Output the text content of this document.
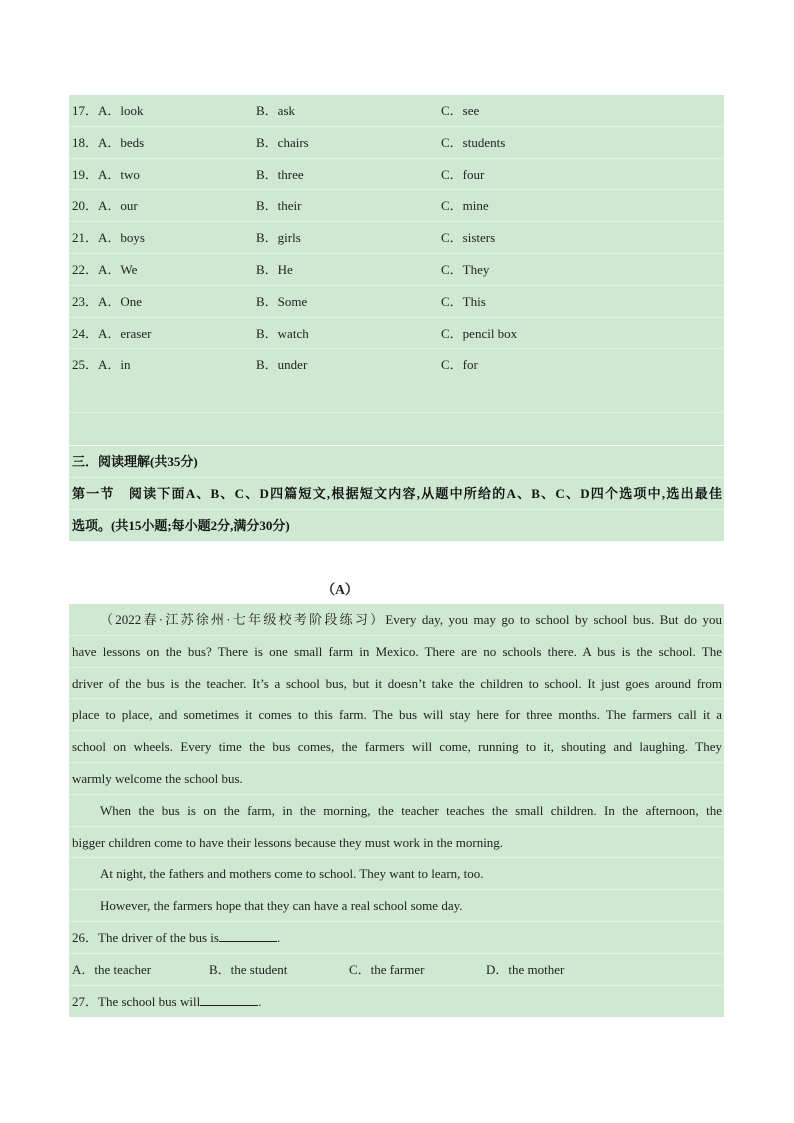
17．A．look	B．ask	C．see
18．A．beds	B．chairs	C．students
19．A．two	B．three	C．four
20．A．our	B．their	C．mine
21．A．boys	B．girls	C．sisters
22．A．We	B．He	C．They
23．A．One	B．Some	C．This
24．A．eraser	B．watch	C．pencil box
25．A．in	B．under	C．for
三．阅读理解(共35分)
第一节　阅读下面A、B、C、D四篇短文,根据短文内容,从题中所给的A、B、C、D四个选项中,选出最佳
选项。(共15小题;每小题2分,满分30分)
（A）
（2022春·江苏徐州·七年级校考阶段练习）Every day, you may go to school by school bus. But do you
have lessons on the bus? There is one small farm in Mexico. There are no schools there. A bus is the school. The
driver of the bus is the teacher. It’s a school bus, but it doesn’t take the children to school. It just goes around from
place to place, and sometimes it comes to this farm. The bus will stay here for three months. The farmers call it a
school on wheels. Every time the bus comes, the farmers will come, running to it, shouting and laughing. They
warmly welcome the school bus.
When the bus is on the farm, in the morning, the teacher teaches the small children. In the afternoon, the
bigger children come to have their lessons because they must work in the morning.
At night, the fathers and mothers come to school. They want to learn, too.
However, the farmers hope that they can have a real school some day.
26．The driver of the bus is	.
A．the teacher	B．the student	C．the farmer	D．the mother
27．The school bus will	.
